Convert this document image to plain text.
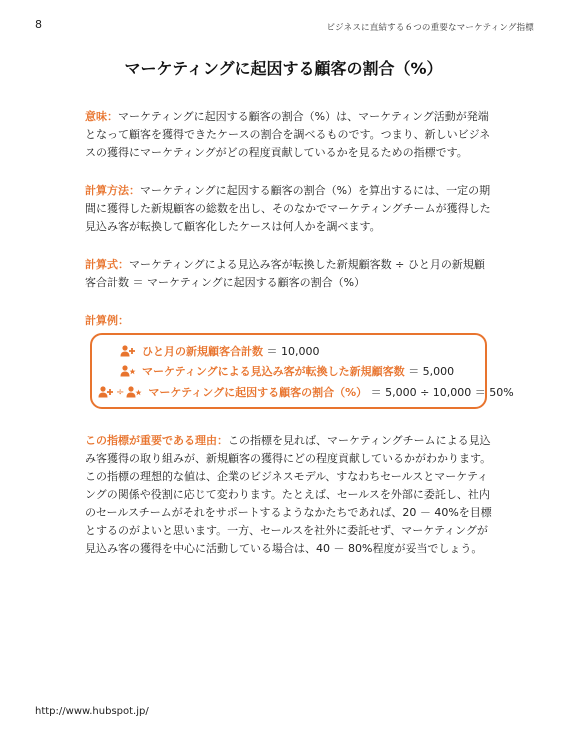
8	ビジネスに直結する６つの重要なマーケティング指標
マーケティングに起因する顧客の割合（%）
意味：マーケティングに起因する顧客の割合（%）は、マーケティング活動が発端となって顧客を獲得できたケースの割合を調べるものです。つまり、新しいビジネスの獲得にマーケティングがどの程度貢献しているかを見るための指標です。
計算方法：マーケティングに起因する顧客の割合（%）を算出するには、一定の期間に獲得した新規顧客の総数を出し、そのなかでマーケティングチームが獲得した見込み客が転換して顧客化したケースは何人かを調べます。
計算式：マーケティングによる見込み客が転換した新規顧客数 ÷ ひと月の新規顧客合計数 ＝ マーケティングに起因する顧客の割合（%）
計算例：
ひと月の新規顧客合計数
＝ 10,000
マーケティングによる見込み客が転換した新規顧客数
＝ 5,000
÷ マーケティングに起因する顧客の割合（%）
＝ 5,000 ÷ 10,000 ＝ 50%
この指標が重要である理由：この指標を見れば、マーケティングチームによる見込み客獲得の取り組みが、新規顧客の獲得にどの程度貢献しているかがわかります。この指標の理想的な値は、企業のビジネスモデル、すなわちセールスとマーケティングの関係や役割に応じて変わります。たとえば、セールスを外部に委託し、社内のセールスチームがそれをサポートするようなかたちであれば、20 － 40%を目標とするのがよいと思います。一方、セールスを社外に委託せず、マーケティングが見込み客の獲得を中心に活動している場合は、40 － 80%程度が妥当でしょう。
http://www.hubspot.jp/
